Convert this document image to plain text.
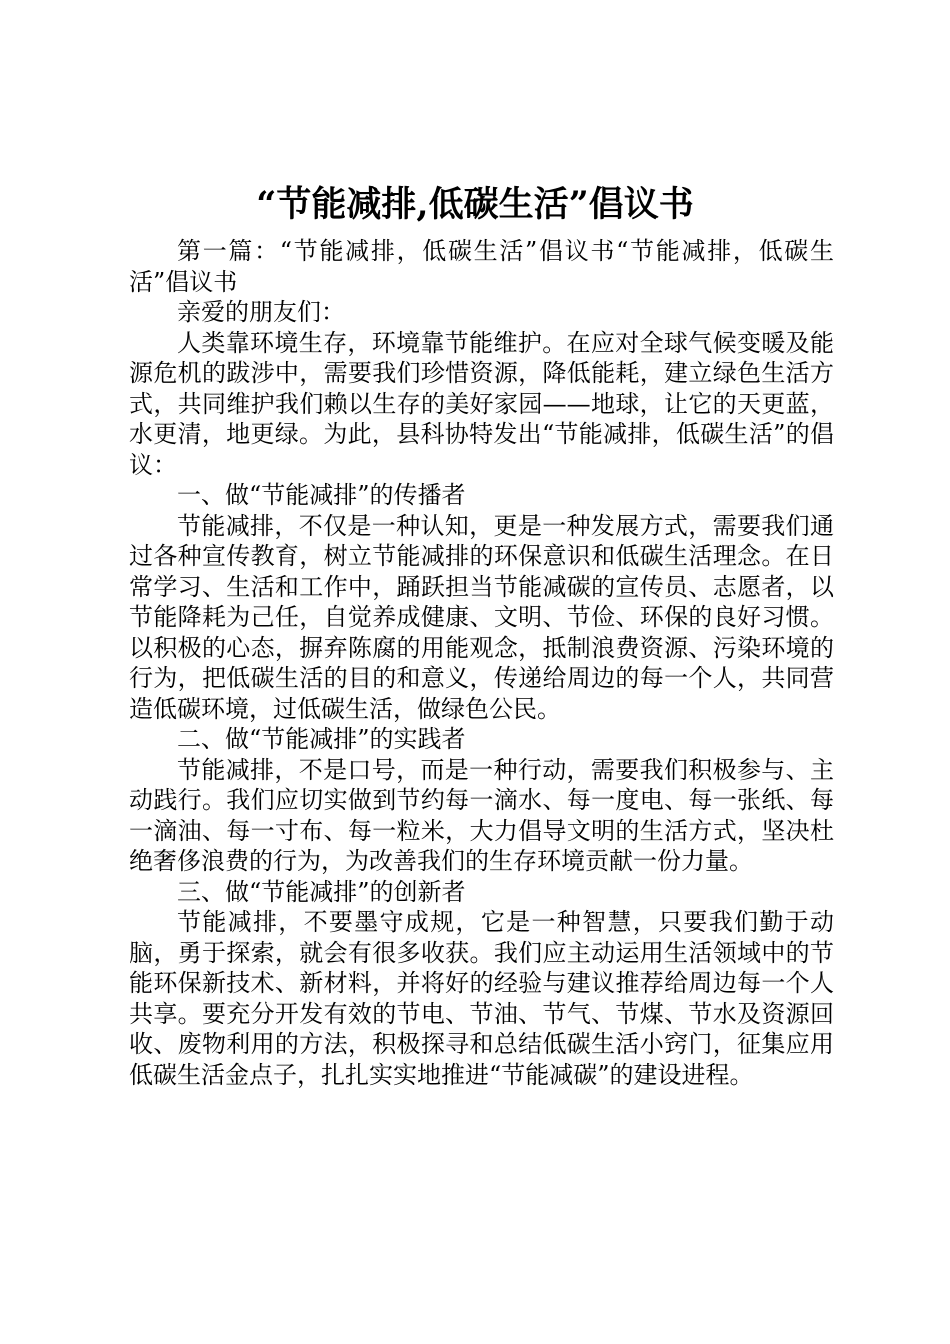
“节能减排,低碳生活”倡议书

第一篇：“节能减排，低碳生活”倡议书“节能减排，低碳生活”倡议书

亲爱的朋友们：

人类靠环境生存，环境靠节能维护。在应对全球气候变暖及能源危机的跋涉中，需要我们珍惜资源，降低能耗，建立绿色生活方式，共同维护我们赖以生存的美好家园——地球，让它的天更蓝，水更清，地更绿。为此，县科协特发出“节能减排，低碳生活”的倡议：

一、做“节能减排”的传播者

节能减排，不仅是一种认知，更是一种发展方式，需要我们通过各种宣传教育，树立节能减排的环保意识和低碳生活理念。在日常学习、生活和工作中，踊跃担当节能减碳的宣传员、志愿者，以节能降耗为己任，自觉养成健康、文明、节俭、环保的良好习惯。以积极的心态，摒弃陈腐的用能观念，抵制浪费资源、污染环境的行为，把低碳生活的目的和意义，传递给周边的每一个人，共同营造低碳环境，过低碳生活，做绿色公民。

二、做“节能减排”的实践者

节能减排，不是口号，而是一种行动，需要我们积极参与、主动践行。我们应切实做到节约每一滴水、每一度电、每一张纸、每一滴油、每一寸布、每一粒米，大力倡导文明的生活方式，坚决杜绝奢侈浪费的行为，为改善我们的生存环境贡献一份力量。

三、做“节能减排”的创新者

节能减排，不要墨守成规，它是一种智慧，只要我们勤于动脑，勇于探索，就会有很多收获。我们应主动运用生活领域中的节能环保新技术、新材料，并将好的经验与建议推荐给周边每一个人共享。要充分开发有效的节电、节油、节气、节煤、节水及资源回收、废物利用的方法，积极探寻和总结低碳生活小窍门，征集应用低碳生活金点子，扎扎实实地推进“节能减碳”的建设进程。
